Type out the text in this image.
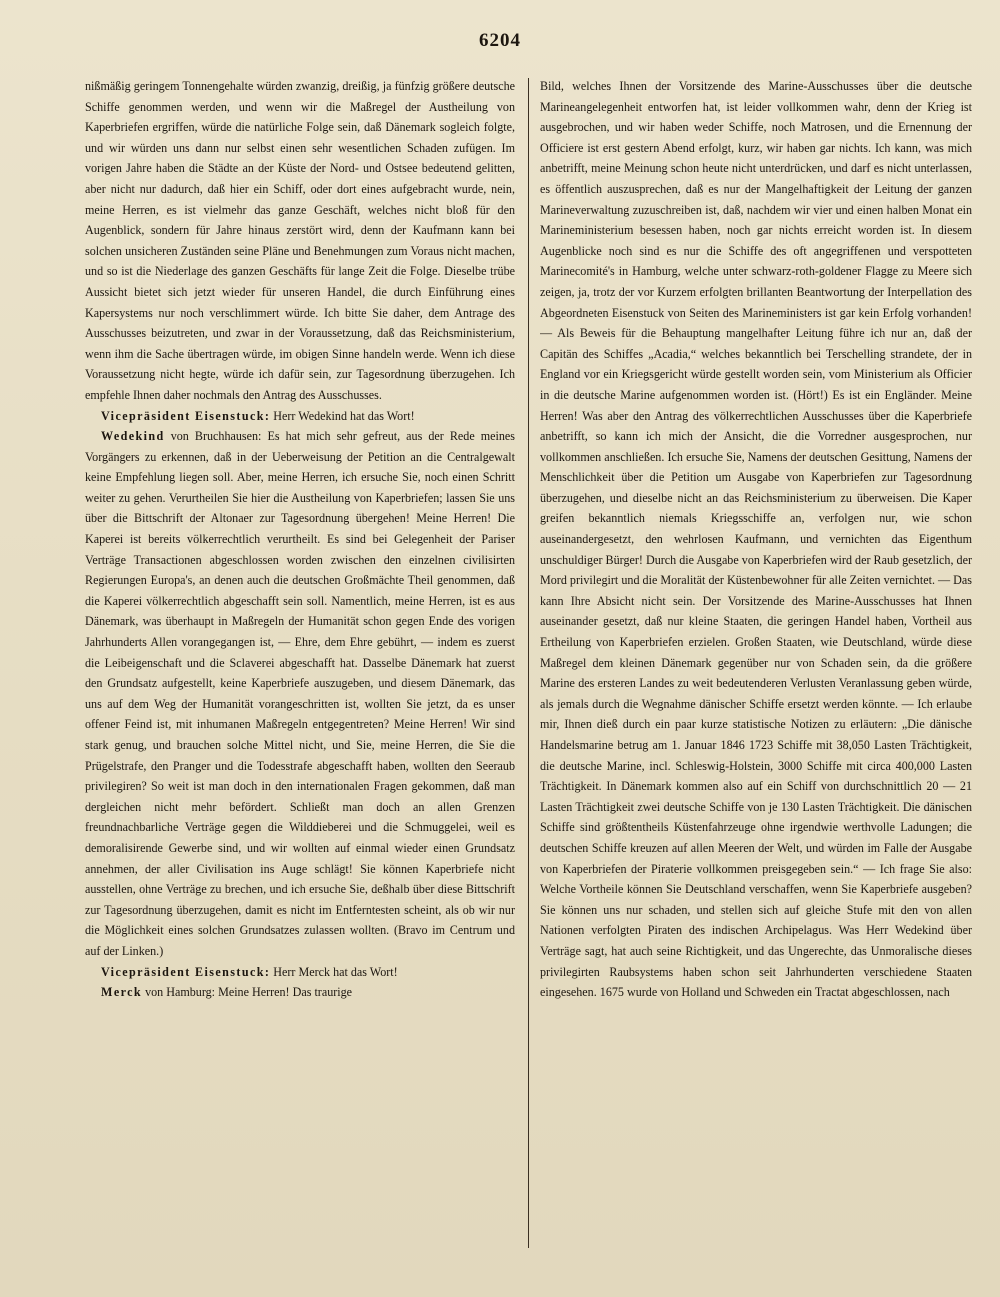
6204

nißmäßig geringem Tonnengehalte würden zwanzig, dreißig, ja fünfzig größere deutsche Schiffe genommen werden, und wenn wir die Maßregel der Austheilung von Kaperbriefen ergriffen, würde die natürliche Folge sein, daß Dänemark sogleich folgte, und wir würden uns dann nur selbst einen sehr wesentlichen Schaden zufügen. Im vorigen Jahre haben die Städte an der Küste der Nord- und Ostsee bedeutend gelitten, aber nicht nur dadurch, daß hier ein Schiff, oder dort eines aufgebracht wurde, nein, meine Herren, es ist vielmehr das ganze Geschäft, welches nicht bloß für den Augenblick, sondern für Jahre hinaus zerstört wird, denn der Kaufmann kann bei solchen unsicheren Zuständen seine Pläne und Benehmungen zum Voraus nicht machen, und so ist die Niederlage des ganzen Geschäfts für lange Zeit die Folge. Dieselbe trübe Aussicht bietet sich jetzt wieder für unseren Handel, die durch Einführung eines Kapersystems nur noch verschlimmert würde. Ich bitte Sie daher, dem Antrage des Ausschusses beizutreten, und zwar in der Voraussetzung, daß das Reichsministerium, wenn ihm die Sache übertragen würde, im obigen Sinne handeln werde. Wenn ich diese Voraussetzung nicht hegte, würde ich dafür sein, zur Tagesordnung überzugehen. Ich empfehle Ihnen daher nochmals den Antrag des Ausschusses.

Vicepräsident Eisenstuck: Herr Wedekind hat das Wort!

Wedekind von Bruchhausen: Es hat mich sehr gefreut, aus der Rede meines Vorgängers zu erkennen, daß in der Ueberweisung der Petition an die Centralgewalt keine Empfehlung liegen soll. Aber, meine Herren, ich ersuche Sie, noch einen Schritt weiter zu gehen. Verurtheilen Sie hier die Austheilung von Kaperbriefen; lassen Sie uns über die Bittschrift der Altonaer zur Tagesordnung übergehen! Meine Herren! Die Kaperei ist bereits völkerrechtlich verurtheilt. Es sind bei Gelegenheit der Pariser Verträge Transactionen abgeschlossen worden zwischen den einzelnen civilisirten Regierungen Europa's, an denen auch die deutschen Großmächte Theil genommen, daß die Kaperei völkerrechtlich abgeschafft sein soll. Namentlich, meine Herren, ist es aus Dänemark, was überhaupt in Maßregeln der Humanität schon gegen Ende des vorigen Jahrhunderts Allen vorangegangen ist, — Ehre, dem Ehre gebührt, — indem es zuerst die Leibeigenschaft und die Sclaverei abgeschafft hat. Dasselbe Dänemark hat zuerst den Grundsatz aufgestellt, keine Kaperbriefe auszugeben, und diesem Dänemark, das uns auf dem Weg der Humanität vorangeschritten ist, wollten Sie jetzt, da es unser offener Feind ist, mit inhumanen Maßregeln entgegentreten? Meine Herren! Wir sind stark genug, und brauchen solche Mittel nicht, und Sie, meine Herren, die Sie die Prügelstrafe, den Pranger und die Todesstrafe abgeschafft haben, wollten den Seeraub privilegiren? So weit ist man doch in den internationalen Fragen gekommen, daß man dergleichen nicht mehr befördert. Schließt man doch an allen Grenzen freundnachbarliche Verträge gegen die Wilddieberei und die Schmuggelei, weil es demoralisirende Gewerbe sind, und wir wollten auf einmal wieder einen Grundsatz annehmen, der aller Civilisation ins Auge schlägt! Sie können Kaperbriefe nicht ausstellen, ohne Verträge zu brechen, und ich ersuche Sie, deßhalb über diese Bittschrift zur Tagesordnung überzugehen, damit es nicht im Entferntesten scheint, als ob wir nur die Möglichkeit eines solchen Grundsatzes zulassen wollten. (Bravo im Centrum und auf der Linken.)

Vicepräsident Eisenstuck: Herr Merck hat das Wort!

Merck von Hamburg: Meine Herren! Das traurige

Bild, welches Ihnen der Vorsitzende des Marine-Ausschusses über die deutsche Marineangelegenheit entworfen hat, ist leider vollkommen wahr, denn der Krieg ist ausgebrochen, und wir haben weder Schiffe, noch Matrosen, und die Ernennung der Officiere ist erst gestern Abend erfolgt, kurz, wir haben gar nichts. Ich kann, was mich anbetrifft, meine Meinung schon heute nicht unterdrücken, und darf es nicht unterlassen, es öffentlich auszusprechen, daß es nur der Mangelhaftigkeit der Leitung der ganzen Marineverwaltung zuzuschreiben ist, daß, nachdem wir vier und einen halben Monat ein Marineministerium besessen haben, noch gar nichts erreicht worden ist. In diesem Augenblicke noch sind es nur die Schiffe des oft angegriffenen und verspotteten Marinecomité's in Hamburg, welche unter schwarz-roth-goldener Flagge zu Meere sich zeigen, ja, trotz der vor Kurzem erfolgten brillanten Beantwortung der Interpellation des Abgeordneten Eisenstuck von Seiten des Marineministers ist gar kein Erfolg vorhanden! — Als Beweis für die Behauptung mangelhafter Leitung führe ich nur an, daß der Capitän des Schiffes „Acadia,“ welches bekanntlich bei Terschelling strandete, der in England vor ein Kriegsgericht würde gestellt worden sein, vom Ministerium als Officier in die deutsche Marine aufgenommen worden ist. (Hört!) Es ist ein Engländer. Meine Herren! Was aber den Antrag des völkerrechtlichen Ausschusses über die Kaperbriefe anbetrifft, so kann ich mich der Ansicht, die die Vorredner ausgesprochen, nur vollkommen anschließen. Ich ersuche Sie, Namens der deutschen Gesittung, Namens der Menschlichkeit über die Petition um Ausgabe von Kaperbriefen zur Tagesordnung überzugehen, und dieselbe nicht an das Reichsministerium zu überweisen. Die Kaper greifen bekanntlich niemals Kriegsschiffe an, verfolgen nur, wie schon auseinandergesetzt, den wehrlosen Kaufmann, und vernichten das Eigenthum unschuldiger Bürger! Durch die Ausgabe von Kaperbriefen wird der Raub gesetzlich, der Mord privilegirt und die Moralität der Küstenbewohner für alle Zeiten vernichtet. — Das kann Ihre Absicht nicht sein. Der Vorsitzende des Marine-Ausschusses hat Ihnen auseinander gesetzt, daß nur kleine Staaten, die geringen Handel haben, Vortheil aus Ertheilung von Kaperbriefen erzielen. Großen Staaten, wie Deutschland, würde diese Maßregel dem kleinen Dänemark gegenüber nur von Schaden sein, da die größere Marine des ersteren Landes zu weit bedeutenderen Verlusten Veranlassung geben würde, als jemals durch die Wegnahme dänischer Schiffe ersetzt werden könnte. — Ich erlaube mir, Ihnen dieß durch ein paar kurze statistische Notizen zu erläutern: „Die dänische Handelsmarine betrug am 1. Januar 1846 1723 Schiffe mit 38,050 Lasten Trächtigkeit, die deutsche Marine, incl. Schleswig-Holstein, 3000 Schiffe mit circa 400,000 Lasten Trächtigkeit. In Dänemark kommen also auf ein Schiff von durchschnittlich 20 — 21 Lasten Trächtigkeit zwei deutsche Schiffe von je 130 Lasten Trächtigkeit. Die dänischen Schiffe sind größtentheils Küstenfahrzeuge ohne irgendwie werthvolle Ladungen; die deutschen Schiffe kreuzen auf allen Meeren der Welt, und würden im Falle der Ausgabe von Kaperbriefen der Piraterie vollkommen preisgegeben sein.“ — Ich frage Sie also: Welche Vortheile können Sie Deutschland verschaffen, wenn Sie Kaperbriefe ausgeben? Sie können uns nur schaden, und stellen sich auf gleiche Stufe mit den von allen Nationen verfolgten Piraten des indischen Archipelagus. Was Herr Wedekind über Verträge sagt, hat auch seine Richtigkeit, und das Ungerechte, das Unmoralische dieses privilegirten Raubsystems haben schon seit Jahrhunderten verschiedene Staaten eingesehen. 1675 wurde von Holland und Schweden ein Tractat abgeschlossen, nach
